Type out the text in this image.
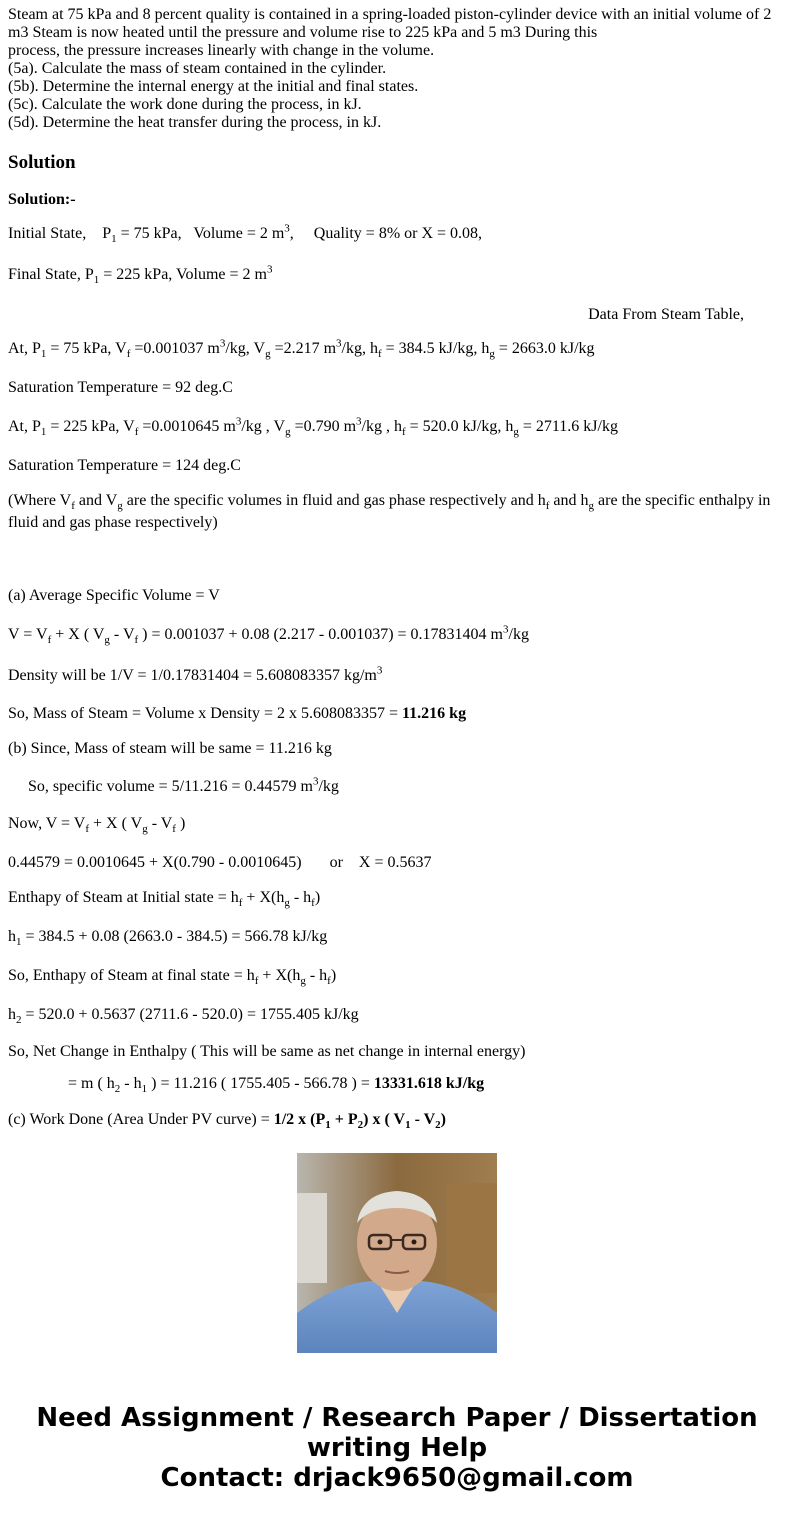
Steam at 75 kPa and 8 percent quality is contained in a spring-loaded piston-cylinder device with an initial volume of 2 m3 Steam is now heated until the pressure and volume rise to 225 kPa and 5 m3 During this
process, the pressure increases linearly with change in the volume.

(5a). Calculate the mass of steam contained in the cylinder.

(5b). Determine the internal energy at the initial and final states.

(5c). Calculate the work done during the process, in kJ.

(5d). Determine the heat transfer during the process, in kJ.

Solution

Solution:-

Initial State,    $P_1 = 75$ kPa,   Volume = 2 $m^3$,     Quality = 8% or X = 0.08,

Final State, $P_1 = 225$ kPa, Volume = 2 $m^3$

Data From Steam Table,

At, $P_1 = 75$ kPa, $V_f =0.001037$ $m^3/kg$, $V_g =2.217$ $m^3/kg$, $h_f = 384.5$ kJ/kg, $h_g = 2663.0$ kJ/kg

Saturation Temperature = 92 deg.C

At, $P_1 = 225$ kPa, $V_f =0.0010645$ $m^3/kg$ , $V_g =0.790$ $m^3/kg$ , $h_f = 520.0$ kJ/kg, $h_g = 2711.6$ kJ/kg

Saturation Temperature = 124 deg.C

(Where $V_f$ and $V_g$ are the specific volumes in fluid and gas phase respectively and $h_f$ and $h_g$ are the specific enthalpy in fluid and gas phase respectively)

(a) Average Specific Volume = V

$V = V_f + X$ ( $V_g - V_f$ ) = 0.001037 + 0.08 (2.217 - 0.001037) = 0.17831404 $m^3/kg$

Density will be 1/V = 1/0.17831404 = 5.608083357 $kg/m^3$

So, Mass of Steam = Volume x Density = 2 x 5.608083357 = 11.216 kg

(b) Since, Mass of steam will be same = 11.216 kg

So, specific volume = 5/11.216 = 0.44579 $m^3/kg$

Now, $V = V_f + X$ ( $V_g - V_f$ )

0.44579 = 0.0010645 + X(0.790 - 0.0010645)       or    X = 0.5637

Enthapy of Steam at Initial state = $h_f + X(h_g - h_f)$

$h_1 = 384.5 + 0.08$ (2663.0 - 384.5) = 566.78 kJ/kg

So, Enthapy of Steam at final state = $h_f + X(h_g - h_f)$

$h_2 = 520.0 + 0.5637$ (2711.6 - 520.0) = 1755.405 kJ/kg

So, Net Change in Enthalpy ( This will be same as net change in internal energy)

= m ( $h_2 - h_1$ ) = 11.216 ( 1755.405 - 566.78 ) = 13331.618 kJ/kg

(c) Work Done (Area Under PV curve) = 1/2 x $(P_1 + P_2)$ x ( $V_1 - V_2$)

Need Assignment / Research Paper / Dissertation
writing Help
Contact: drjack9650@gmail.com
